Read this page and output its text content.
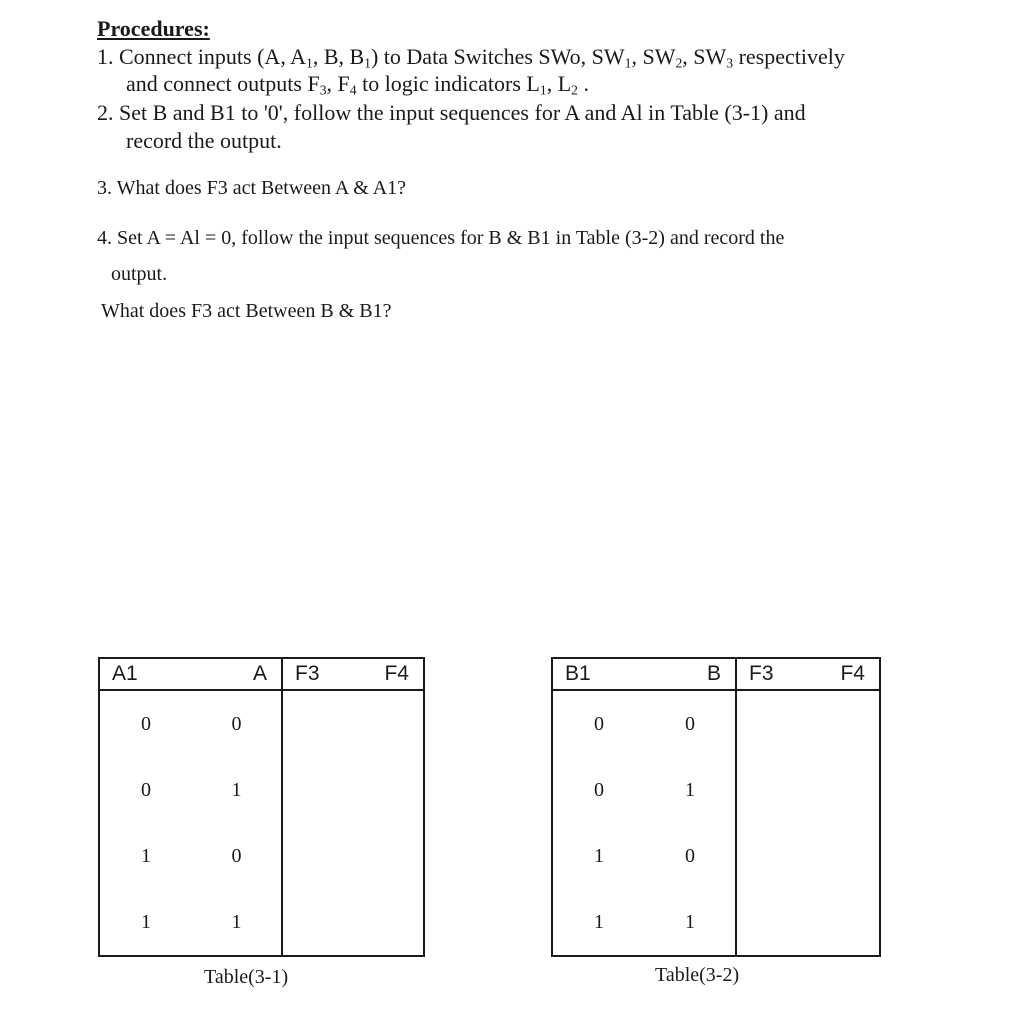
Procedures:
1. Connect inputs (A, $A_1$, B, $B_1$) to Data Switches SWo, $SW_1$, $SW_2$, $SW_3$ respectively
and connect outputs $F_3$, $F_4$ to logic indicators $L_1$, $L_2$ .
2. Set B and B1 to '0', follow the input sequences for A and Al in Table (3-1) and
record the output.
3. What does F3 act Between A & A1?
4. Set A = Al = 0, follow the input sequences for B & B1 in Table (3-2) and record the
output.
What does F3 act Between B & B1?
A1	A	F3	F4
0	0		
0	1		
1	0		
1	1		
Table(3-1)
B1	B	F3	F4
0	0		
0	1		
1	0		
1	1		
Table(3-2)
